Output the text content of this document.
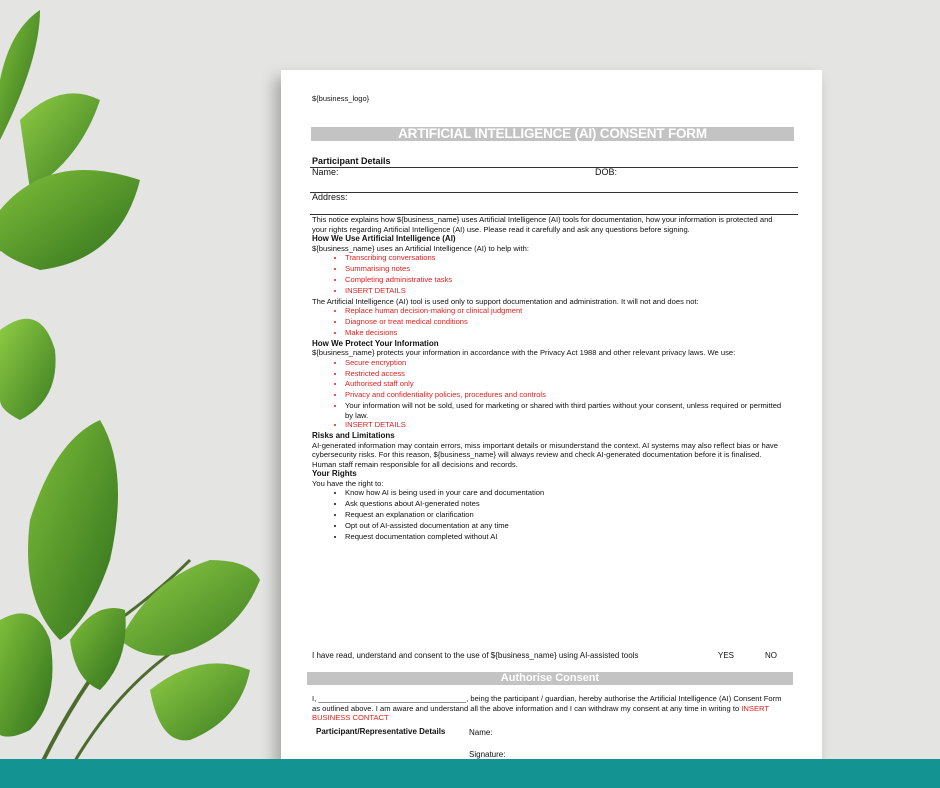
${business_logo}
ARTIFICIAL INTELLIGENCE (AI) CONSENT FORM
Participant Details
Name:	DOB:
Address:

This notice explains how ${business_name} uses Artificial Intelligence (AI) tools for documentation, how your information is protected and your rights regarding Artificial Intelligence (AI) use. Please read it carefully and ask any questions before signing.

How We Use Artificial Intelligence (AI)

${business_name} uses an Artificial Intelligence (AI) to help with:

• Transcribing conversations
• Summarising notes
• Completing administrative tasks
• INSERT DETAILS

The Artificial Intelligence (AI) tool is used only to support documentation and administration. It will not and does not:

• Replace human decision-making or clinical judgment
• Diagnose or treat medical conditions
• Make decisions

How We Protect Your Information

${business_name} protects your information in accordance with the Privacy Act 1988 and other relevant privacy laws. We use:

• Secure encryption
• Restricted access
• Authorised staff only
• Privacy and confidentiality policies, procedures and controls
• Your information will not be sold, used for marketing or shared with third parties without your consent, unless required or permitted by law.
• INSERT DETAILS

Risks and Limitations

AI-generated information may contain errors, miss important details or misunderstand the context. AI systems may also reflect bias or have cybersecurity risks. For this reason, ${business_name} will always review and check AI-generated documentation before it is finalised. Human staff remain responsible for all decisions and records.

Your Rights

You have the right to:

• Know how AI is being used in your care and documentation
• Ask questions about AI-generated notes
• Request an explanation or clarification
• Opt out of AI-assisted documentation at any time
• Request documentation completed without AI
I have read, understand and consent to the use of ${business_name} using AI-assisted tools	YES	NO
Authorise Consent

I, ___________________________________, being the participant / guardian, hereby authorise the Artificial Intelligence (AI) Consent Form as outlined above. I am aware and understand all the above information and I can withdraw my consent at any time in writing to INSERT BUSINESS CONTACT

Participant/Representative Details	Name:
Signature:
